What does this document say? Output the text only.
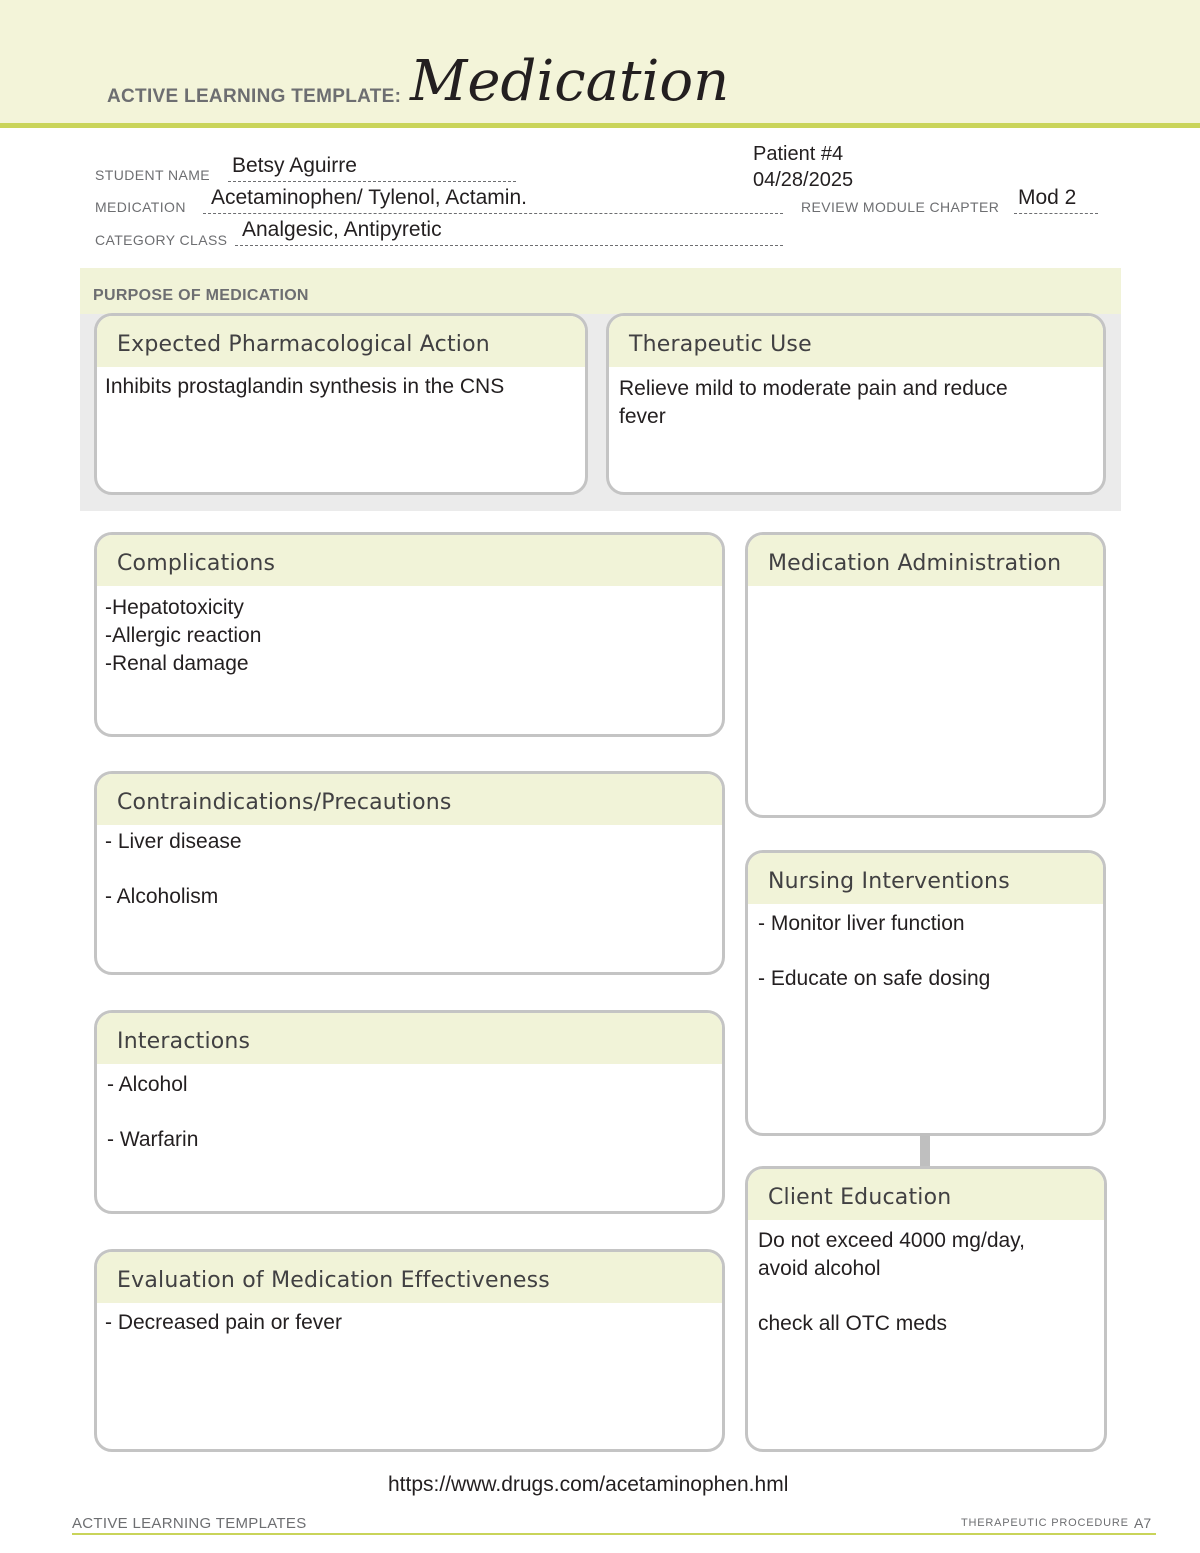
ACTIVE LEARNING TEMPLATE: Medication
STUDENT NAME Betsy Aguirre
MEDICATION Acetaminophen/ Tylenol, Actamin.
CATEGORY CLASS Analgesic, Antipyretic
Patient #4
04/28/2025
REVIEW MODULE CHAPTER Mod 2
PURPOSE OF MEDICATION
Expected Pharmacological Action
Inhibits prostaglandin synthesis in the CNS
Therapeutic Use
Relieve mild to moderate pain and reduce
fever
Complications
-Hepatotoxicity
-Allergic reaction
-Renal damage
Medication Administration
Contraindications/Precautions
- Liver disease
- Alcoholism
Nursing Interventions
- Monitor liver function
- Educate on safe dosing
Interactions
- Alcohol
- Warfarin
Client Education
Do not exceed 4000 mg/day,
avoid alcohol
check all OTC meds
Evaluation of Medication Effectiveness
- Decreased pain or fever
https://www.drugs.com/acetaminophen.hml
ACTIVE LEARNING TEMPLATES	THERAPEUTIC PROCEDURE A7
